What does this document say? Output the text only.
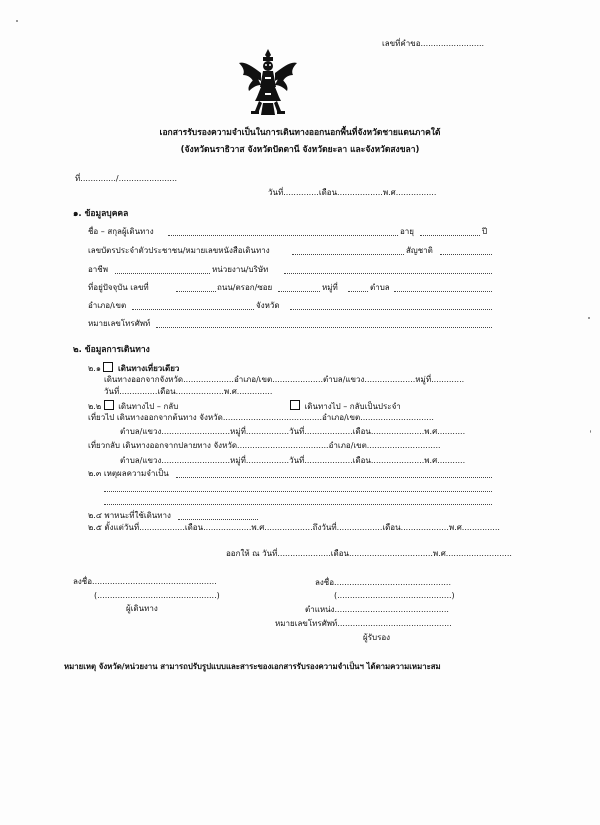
เลขที่คำขอ.........................
เอกสารรับรองความจำเป็นในการเดินทางออกนอกพื้นที่จังหวัดชายแดนภาคใต้
(จังหวัดนราธิวาส จังหวัดปัตตานี จังหวัดยะลา และจังหวัดสงขลา)
ที่............../.......................
วันที่..............เดือน..................พ.ศ................
๑. ข้อมูลบุคคล
ชื่อ – สกุลผู้เดินทาง	อายุ	ปี
เลขบัตรประจำตัวประชาชน/หมายเลขหนังสือเดินทาง	สัญชาติ
อาชีพ	หน่วยงาน/บริษัท
ที่อยู่ปัจจุบัน เลขที่	ถนน/ตรอก/ซอย	หมู่ที่	ตำบล
อำเภอ/เขต	จังหวัด
หมายเลขโทรศัพท์
๒. ข้อมูลการเดินทาง
๒.๑ เดินทางเที่ยวเดียว
เดินทางออกจากจังหวัด....................อำเภอ/เขต....................ตำบล/แขวง....................หมู่ที่.............
วันที่...............เดือน...................พ.ศ..............
๒.๒ เดินทางไป – กลับ	เดินทางไป – กลับเป็นประจำ
เที่ยวไป เดินทางออกจากต้นทาง จังหวัด.......................................อำเภอ/เขต.............................
ตำบล/แขวง...........................หมู่ที่.................วันที่...................เดือน.....................พ.ศ...........
เที่ยวกลับ เดินทางออกจากปลายทาง จังหวัด....................................อำเภอ/เขต.............................
ตำบล/แขวง...........................หมู่ที่.................วันที่...................เดือน.....................พ.ศ...........
๒.๓ เหตุผลความจำเป็น
๒.๔ พาหนะที่ใช้เดินทาง
๒.๕ ตั้งแต่วันที่..................เดือน...................พ.ศ...................ถึงวันที่..................เดือน...................พ.ศ...............
ออกให้ ณ วันที่.....................เดือน.................................พ.ศ..........................
ลงชื่อ.................................................
(...............................................)
ผู้เดินทาง
ลงชื่อ..............................................
(.............................................)
ตำแหน่ง.............................................
หมายเลขโทรศัพท์.............................................
ผู้รับรอง
หมายเหตุ จังหวัด/หน่วยงาน สามารถปรับรูปแบบและสาระของเอกสารรับรองความจำเป็นฯ ได้ตามความเหมาะสม
